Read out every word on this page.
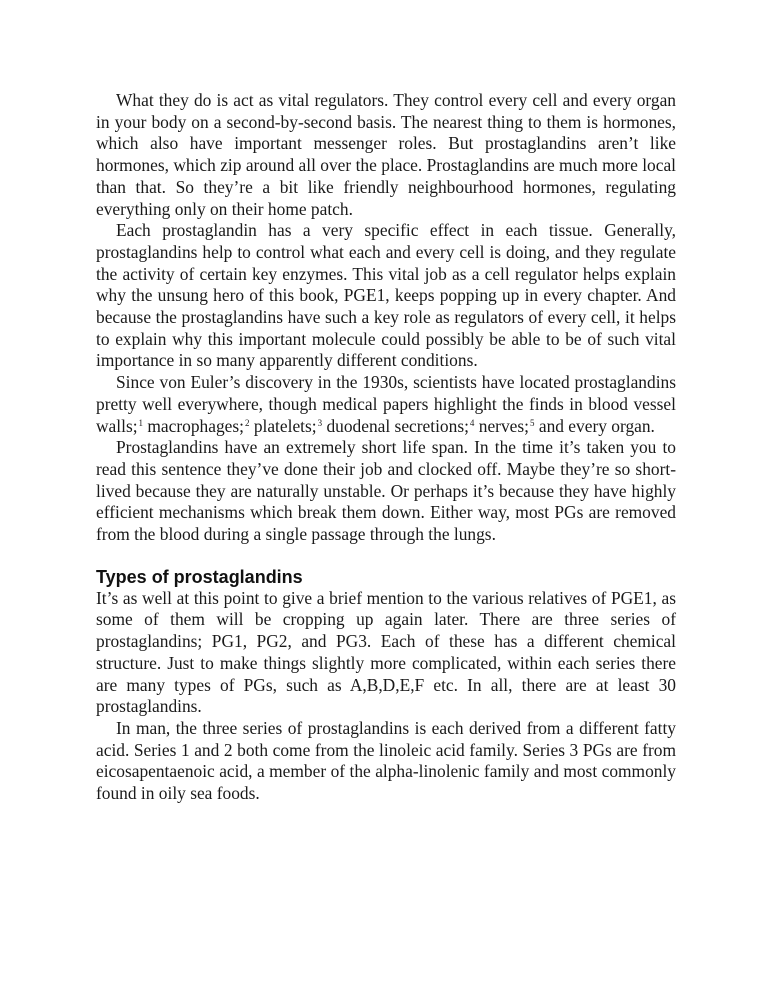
What they do is act as vital regulators. They control every cell and every organ in your body on a second-by-second basis. The nearest thing to them is hormones, which also have important messenger roles. But prostaglandins aren’t like hormones, which zip around all over the place. Prostaglandins are much more local than that. So they’re a bit like friendly neighbourhood hormones, regulating everything only on their home patch.

Each prostaglandin has a very specific effect in each tissue. Generally, prostaglandins help to control what each and every cell is doing, and they regulate the activity of certain key enzymes. This vital job as a cell regulator helps explain why the unsung hero of this book, PGE1, keeps popping up in every chapter. And because the prostaglandins have such a key role as regulators of every cell, it helps to explain why this important molecule could possibly be able to be of such vital importance in so many apparently different conditions.

Since von Euler’s discovery in the 1930s, scientists have located prostaglandins pretty well everywhere, though medical papers highlight the finds in blood vessel walls;$^1$ macrophages;$^2$ platelets;$^3$ duodenal secretions;$^4$ nerves;$^5$ and every organ.

Prostaglandins have an extremely short life span. In the time it’s taken you to read this sentence they’ve done their job and clocked off. Maybe they’re so short-lived because they are naturally unstable. Or perhaps it’s because they have highly efficient mechanisms which break them down. Either way, most PGs are removed from the blood during a single passage through the lungs.

Types of prostaglandins

It’s as well at this point to give a brief mention to the various relatives of PGE1, as some of them will be cropping up again later. There are three series of prostaglandins; PG1, PG2, and PG3. Each of these has a different chemical structure. Just to make things slightly more complicated, within each series there are many types of PGs, such as A,B,D,E,F etc. In all, there are at least 30 prostaglandins.

In man, the three series of prostaglandins is each derived from a different fatty acid. Series 1 and 2 both come from the linoleic acid family. Series 3 PGs are from eicosapentaenoic acid, a member of the alpha-linolenic family and most commonly found in oily sea foods.
